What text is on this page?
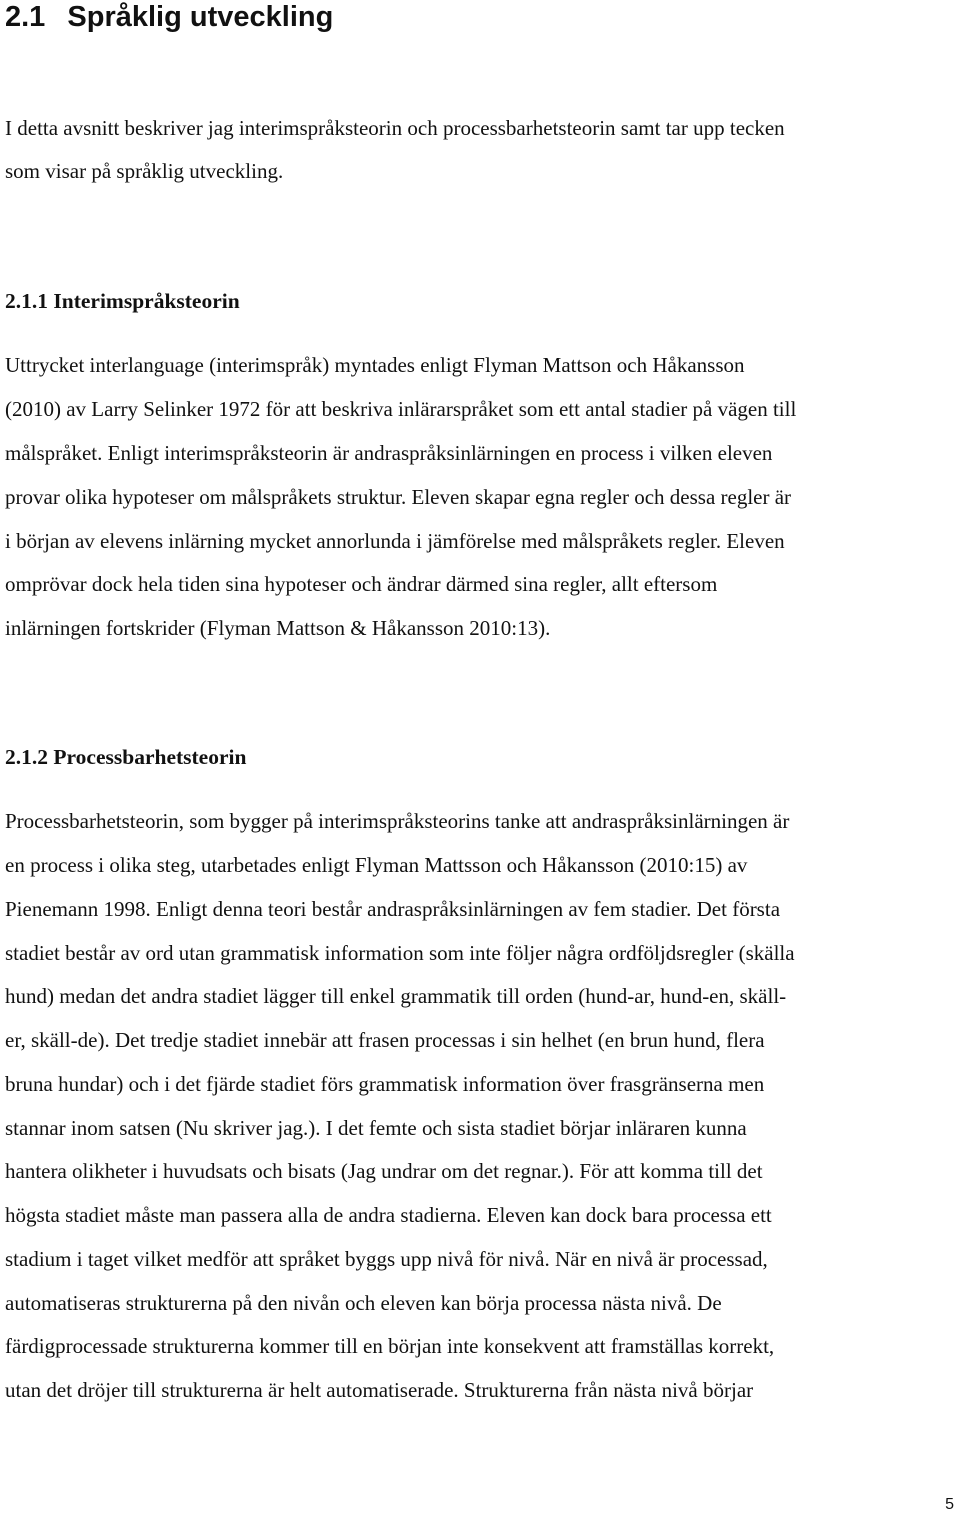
2.1 Språklig utveckling
I detta avsnitt beskriver jag interimspråksteorin och processbarhetsteorin samt tar upp tecken
som visar på språklig utveckling.
2.1.1 Interimspråksteorin
Uttrycket interlanguage (interimspråk) myntades enligt Flyman Mattson och Håkansson
(2010) av Larry Selinker 1972 för att beskriva inlärarspråket som ett antal stadier på vägen till
målspråket. Enligt interimspråksteorin är andraspråksinlärningen en process i vilken eleven
provar olika hypoteser om målspråkets struktur. Eleven skapar egna regler och dessa regler är
i början av elevens inlärning mycket annorlunda i jämförelse med målspråkets regler. Eleven
omprövar dock hela tiden sina hypoteser och ändrar därmed sina regler, allt eftersom
inlärningen fortskrider (Flyman Mattson & Håkansson 2010:13).
2.1.2 Processbarhetsteorin
Processbarhetsteorin, som bygger på interimspråksteorins tanke att andraspråksinlärningen är
en process i olika steg, utarbetades enligt Flyman Mattsson och Håkansson (2010:15) av
Pienemann 1998. Enligt denna teori består andraspråksinlärningen av fem stadier. Det första
stadiet består av ord utan grammatisk information som inte följer några ordföljdsregler (skälla
hund) medan det andra stadiet lägger till enkel grammatik till orden (hund-ar, hund-en, skäll-
er, skäll-de). Det tredje stadiet innebär att frasen processas i sin helhet (en brun hund, flera
bruna hundar) och i det fjärde stadiet förs grammatisk information över frasgränserna men
stannar inom satsen (Nu skriver jag.). I det femte och sista stadiet börjar inläraren kunna
hantera olikheter i huvudsats och bisats (Jag undrar om det regnar.). För att komma till det
högsta stadiet måste man passera alla de andra stadierna. Eleven kan dock bara processa ett
stadium i taget vilket medför att språket byggs upp nivå för nivå. När en nivå är processad,
automatiseras strukturerna på den nivån och eleven kan börja processa nästa nivå. De
färdigprocessade strukturerna kommer till en början inte konsekvent att framställas korrekt,
utan det dröjer till strukturerna är helt automatiserade. Strukturerna från nästa nivå börjar
5
